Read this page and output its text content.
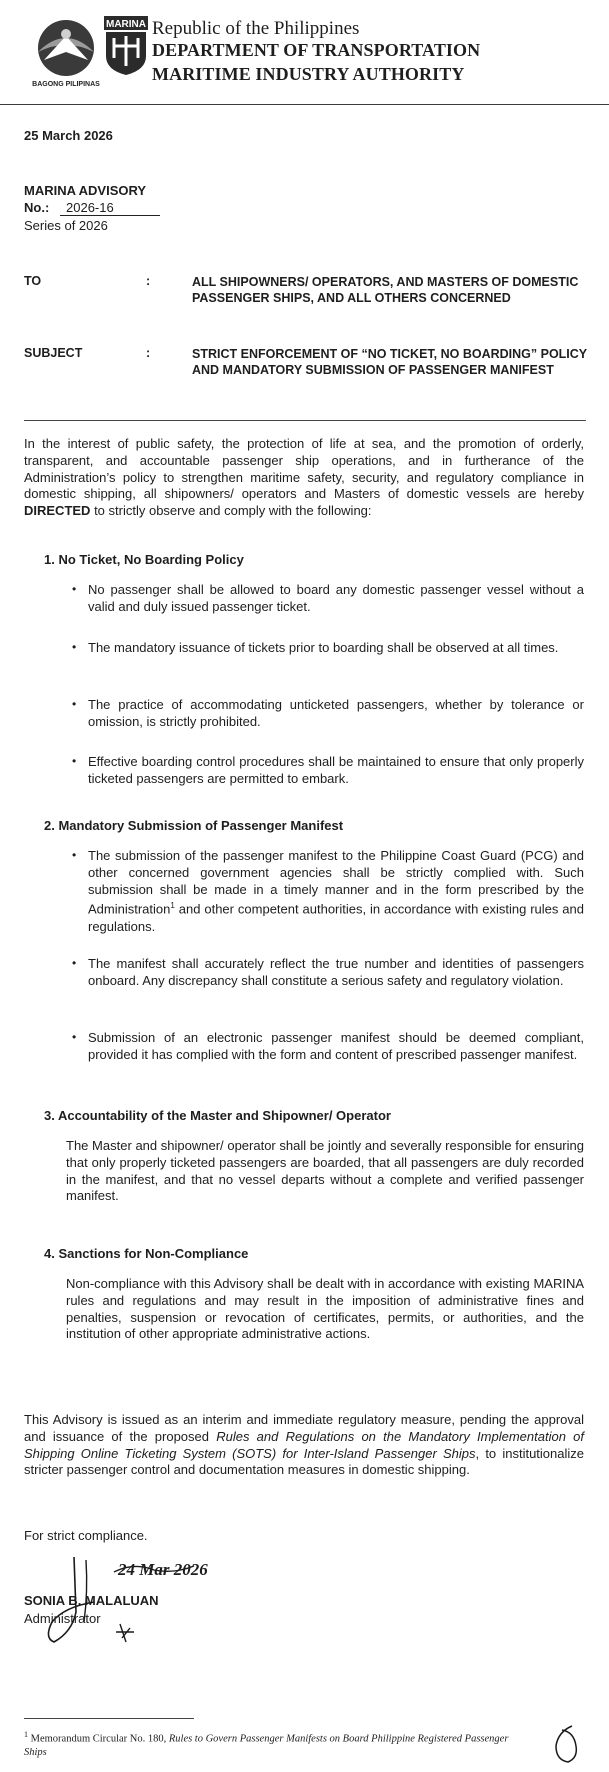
BAGONG PILIPINAS
MARINA Republic of the Philippines
DEPARTMENT OF TRANSPORTATION
MARITIME INDUSTRY AUTHORITY
25 March 2026
MARINA ADVISORY
No.:	2026-16
Series of 2026
TO	:	ALL SHIPOWNERS/ OPERATORS, AND MASTERS OF DOMESTIC PASSENGER SHIPS, AND ALL OTHERS CONCERNED
SUBJECT	:	STRICT ENFORCEMENT OF “NO TICKET, NO BOARDING” POLICY AND MANDATORY SUBMISSION OF PASSENGER MANIFEST
In the interest of public safety, the protection of life at sea, and the promotion of orderly, transparent, and accountable passenger ship operations, and in furtherance of the Administration’s policy to strengthen maritime safety, security, and regulatory compliance in domestic shipping, all shipowners/ operators and Masters of domestic vessels are hereby DIRECTED to strictly observe and comply with the following:
1. No Ticket, No Boarding Policy
• No passenger shall be allowed to board any domestic passenger vessel without a valid and duly issued passenger ticket.
• The mandatory issuance of tickets prior to boarding shall be observed at all times.
• The practice of accommodating unticketed passengers, whether by tolerance or omission, is strictly prohibited.
• Effective boarding control procedures shall be maintained to ensure that only properly ticketed passengers are permitted to embark.
2. Mandatory Submission of Passenger Manifest
• The submission of the passenger manifest to the Philippine Coast Guard (PCG) and other concerned government agencies shall be strictly complied with. Such submission shall be made in a timely manner and in the form prescribed by the Administration$^1$ and other competent authorities, in accordance with existing rules and regulations.
• The manifest shall accurately reflect the true number and identities of passengers onboard. Any discrepancy shall constitute a serious safety and regulatory violation.
• Submission of an electronic passenger manifest should be deemed compliant, provided it has complied with the form and content of prescribed passenger manifest.
3. Accountability of the Master and Shipowner/ Operator
The Master and shipowner/ operator shall be jointly and severally responsible for ensuring that only properly ticketed passengers are boarded, that all passengers are duly recorded in the manifest, and that no vessel departs without a complete and verified passenger manifest.
4. Sanctions for Non-Compliance
Non-compliance with this Advisory shall be dealt with in accordance with existing MARINA rules and regulations and may result in the imposition of administrative fines and penalties, suspension or revocation of certificates, permits, or authorities, and the institution of other appropriate administrative actions.
This Advisory is issued as an interim and immediate regulatory measure, pending the approval and issuance of the proposed Rules and Regulations on the Mandatory Implementation of Shipping Online Ticketing System (SOTS) for Inter-Island Passenger Ships, to institutionalize stricter passenger control and documentation measures in domestic shipping.
For strict compliance.
24 Mar 2026
SONIA B. MALALUAN
Administrator
$^1$ Memorandum Circular No. 180, Rules to Govern Passenger Manifests on Board Philippine Registered Passenger Ships
